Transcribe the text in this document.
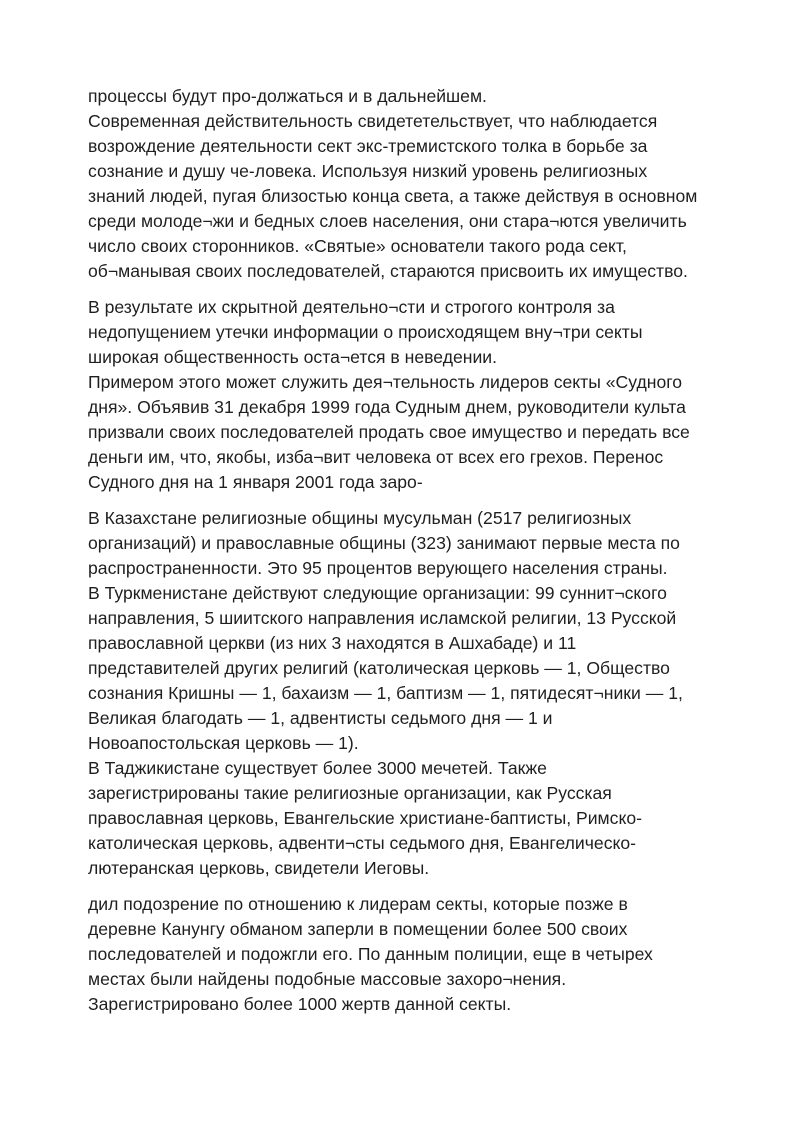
процессы будут про-должаться и в дальнейшем.
Современная действительность свидететельствует, что наблюдается
возрождение деятельности сект экс-тремистского толка в борьбе за
сознание и душу че-ловека. Используя низкий уровень религиозных
знаний людей, пугая близостью конца света, а также действуя в основном
среди молоде¬жи и бедных слоев населения, они стара¬ются увеличить
число своих сторонников. «Святые» основатели такого рода сект,
об¬манывая своих последователей, стараются присвоить их имущество.
В результате их скрытной деятельно¬сти и строгого контроля за
недопущением утечки информации о происходящем вну¬три секты
широкая общественность оста¬ется в неведении.
Примером этого может служить дея¬тельность лидеров секты «Судного
дня». Объявив 31 декабря 1999 года Судным днем, руководители культа
призвали своих последователей продать свое имущество и передать все
деньги им, что, якобы, изба¬вит человека от всех его грехов. Перенос
Судного дня на 1 января 2001 года заро-
В Казахстане религиозные общины мусульман (2517 религиозных
организаций) и православные общины (323) занимают первые места по
распространенности. Это 95 процентов верующего населения страны.
В Туркменистане действуют следующие организации: 99 суннит¬ского
направления, 5 шиитского направления исламской религии, 13 Русской
православной церкви (из них 3 находятся в Ашхабаде) и 11
представителей других религий (католическая церковь — 1, Общество
сознания Кришны — 1, бахаизм — 1, баптизм — 1, пятидесят¬ники — 1,
Великая благодать — 1, адвентисты седьмого дня — 1 и
Новоапостольская церковь — 1).
В Таджикистане существует более 3000 мечетей. Также
зарегистрированы такие религиозные организации, как Русская
православная церковь, Евангельские христиане-баптисты, Римско-
католическая церковь, адвенти¬сты седьмого дня, Евангелическо-
лютеранская церковь, свидетели Иеговы.
дил подозрение по отношению к лидерам секты, которые позже в
деревне Канунгу обманом заперли в помещении более 500 своих
последователей и подожгли его. По данным полиции, еще в четырех
местах были найдены подобные массовые захоро¬нения.
Зарегистрировано более 1000 жертв данной секты.
